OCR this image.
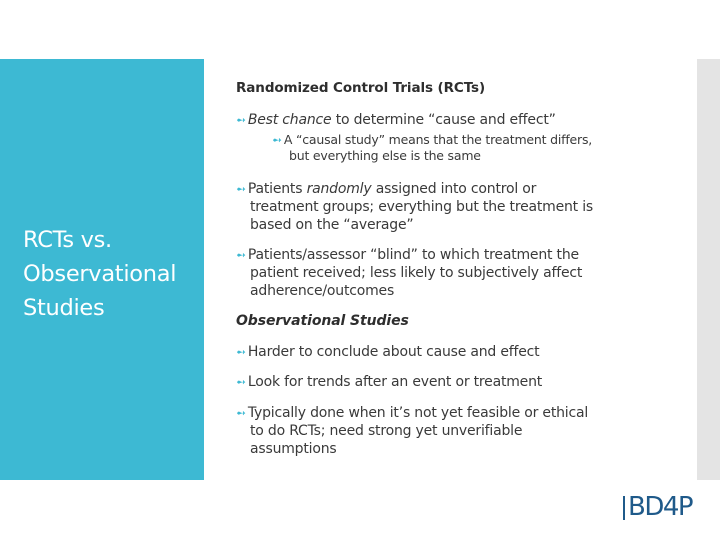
RCTs vs.
Observational
Studies
Randomized Control Trials (RCTs)
➻ Best chance to determine “cause and effect”
➻ A “causal study” means that the treatment differs,
but everything else is the same
➻ Patients randomly assigned into control or
treatment groups; everything but the treatment is
based on the “average”
➻ Patients/assessor “blind” to which treatment the
patient received; less likely to subjectively affect
adherence/outcomes
Observational Studies
➻ Harder to conclude about cause and effect
➻ Look for trends after an event or treatment
➻ Typically done when it’s not yet feasible or ethical
to do RCTs; need strong yet unverifiable
assumptions
BD4P
